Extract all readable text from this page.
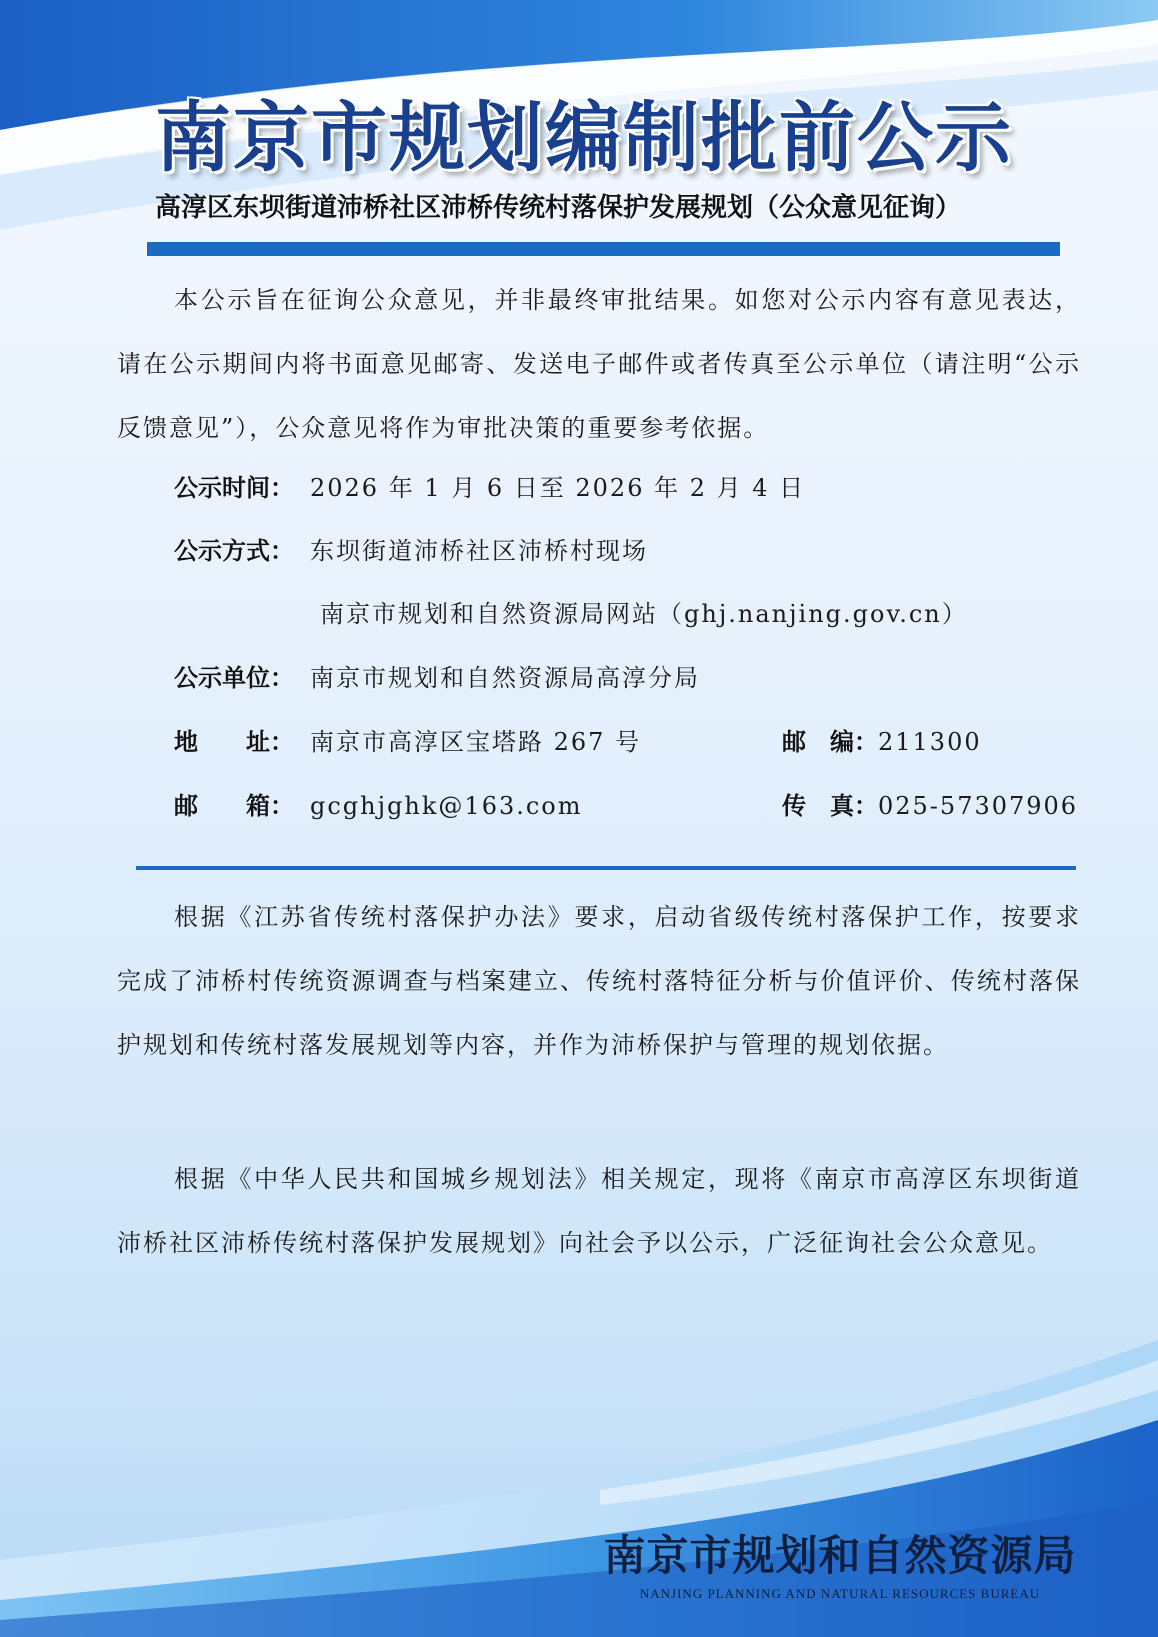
南京市规划编制批前公示
高淳区东坝街道沛桥社区沛桥传统村落保护发展规划（公众意见征询）
本公示旨在征询公众意见，并非最终审批结果。如您对公示内容有意见表达，请在公示期间内将书面意见邮寄、发送电子邮件或者传真至公示单位（请注明“公示反馈意见”），公众意见将作为审批决策的重要参考依据。
公示时间： 2026 年 1 月 6 日至 2026 年 2 月 4 日
公示方式： 东坝街道沛桥社区沛桥村现场
南京市规划和自然资源局网站（ghj.nanjing.gov.cn）
公示单位： 南京市规划和自然资源局高淳分局
地　　址： 南京市高淳区宝塔路 267 号	邮　编：211300
邮　　箱： gcghjghk@163.com	传　真：025-57307906
根据《江苏省传统村落保护办法》要求，启动省级传统村落保护工作，按要求完成了沛桥村传统资源调查与档案建立、传统村落特征分析与价值评价、传统村落保护规划和传统村落发展规划等内容，并作为沛桥保护与管理的规划依据。
根据《中华人民共和国城乡规划法》相关规定，现将《南京市高淳区东坝街道沛桥社区沛桥传统村落保护发展规划》向社会予以公示，广泛征询社会公众意见。
南京市规划和自然资源局
NANJING PLANNING AND NATURAL RESOURCES BUREAU
